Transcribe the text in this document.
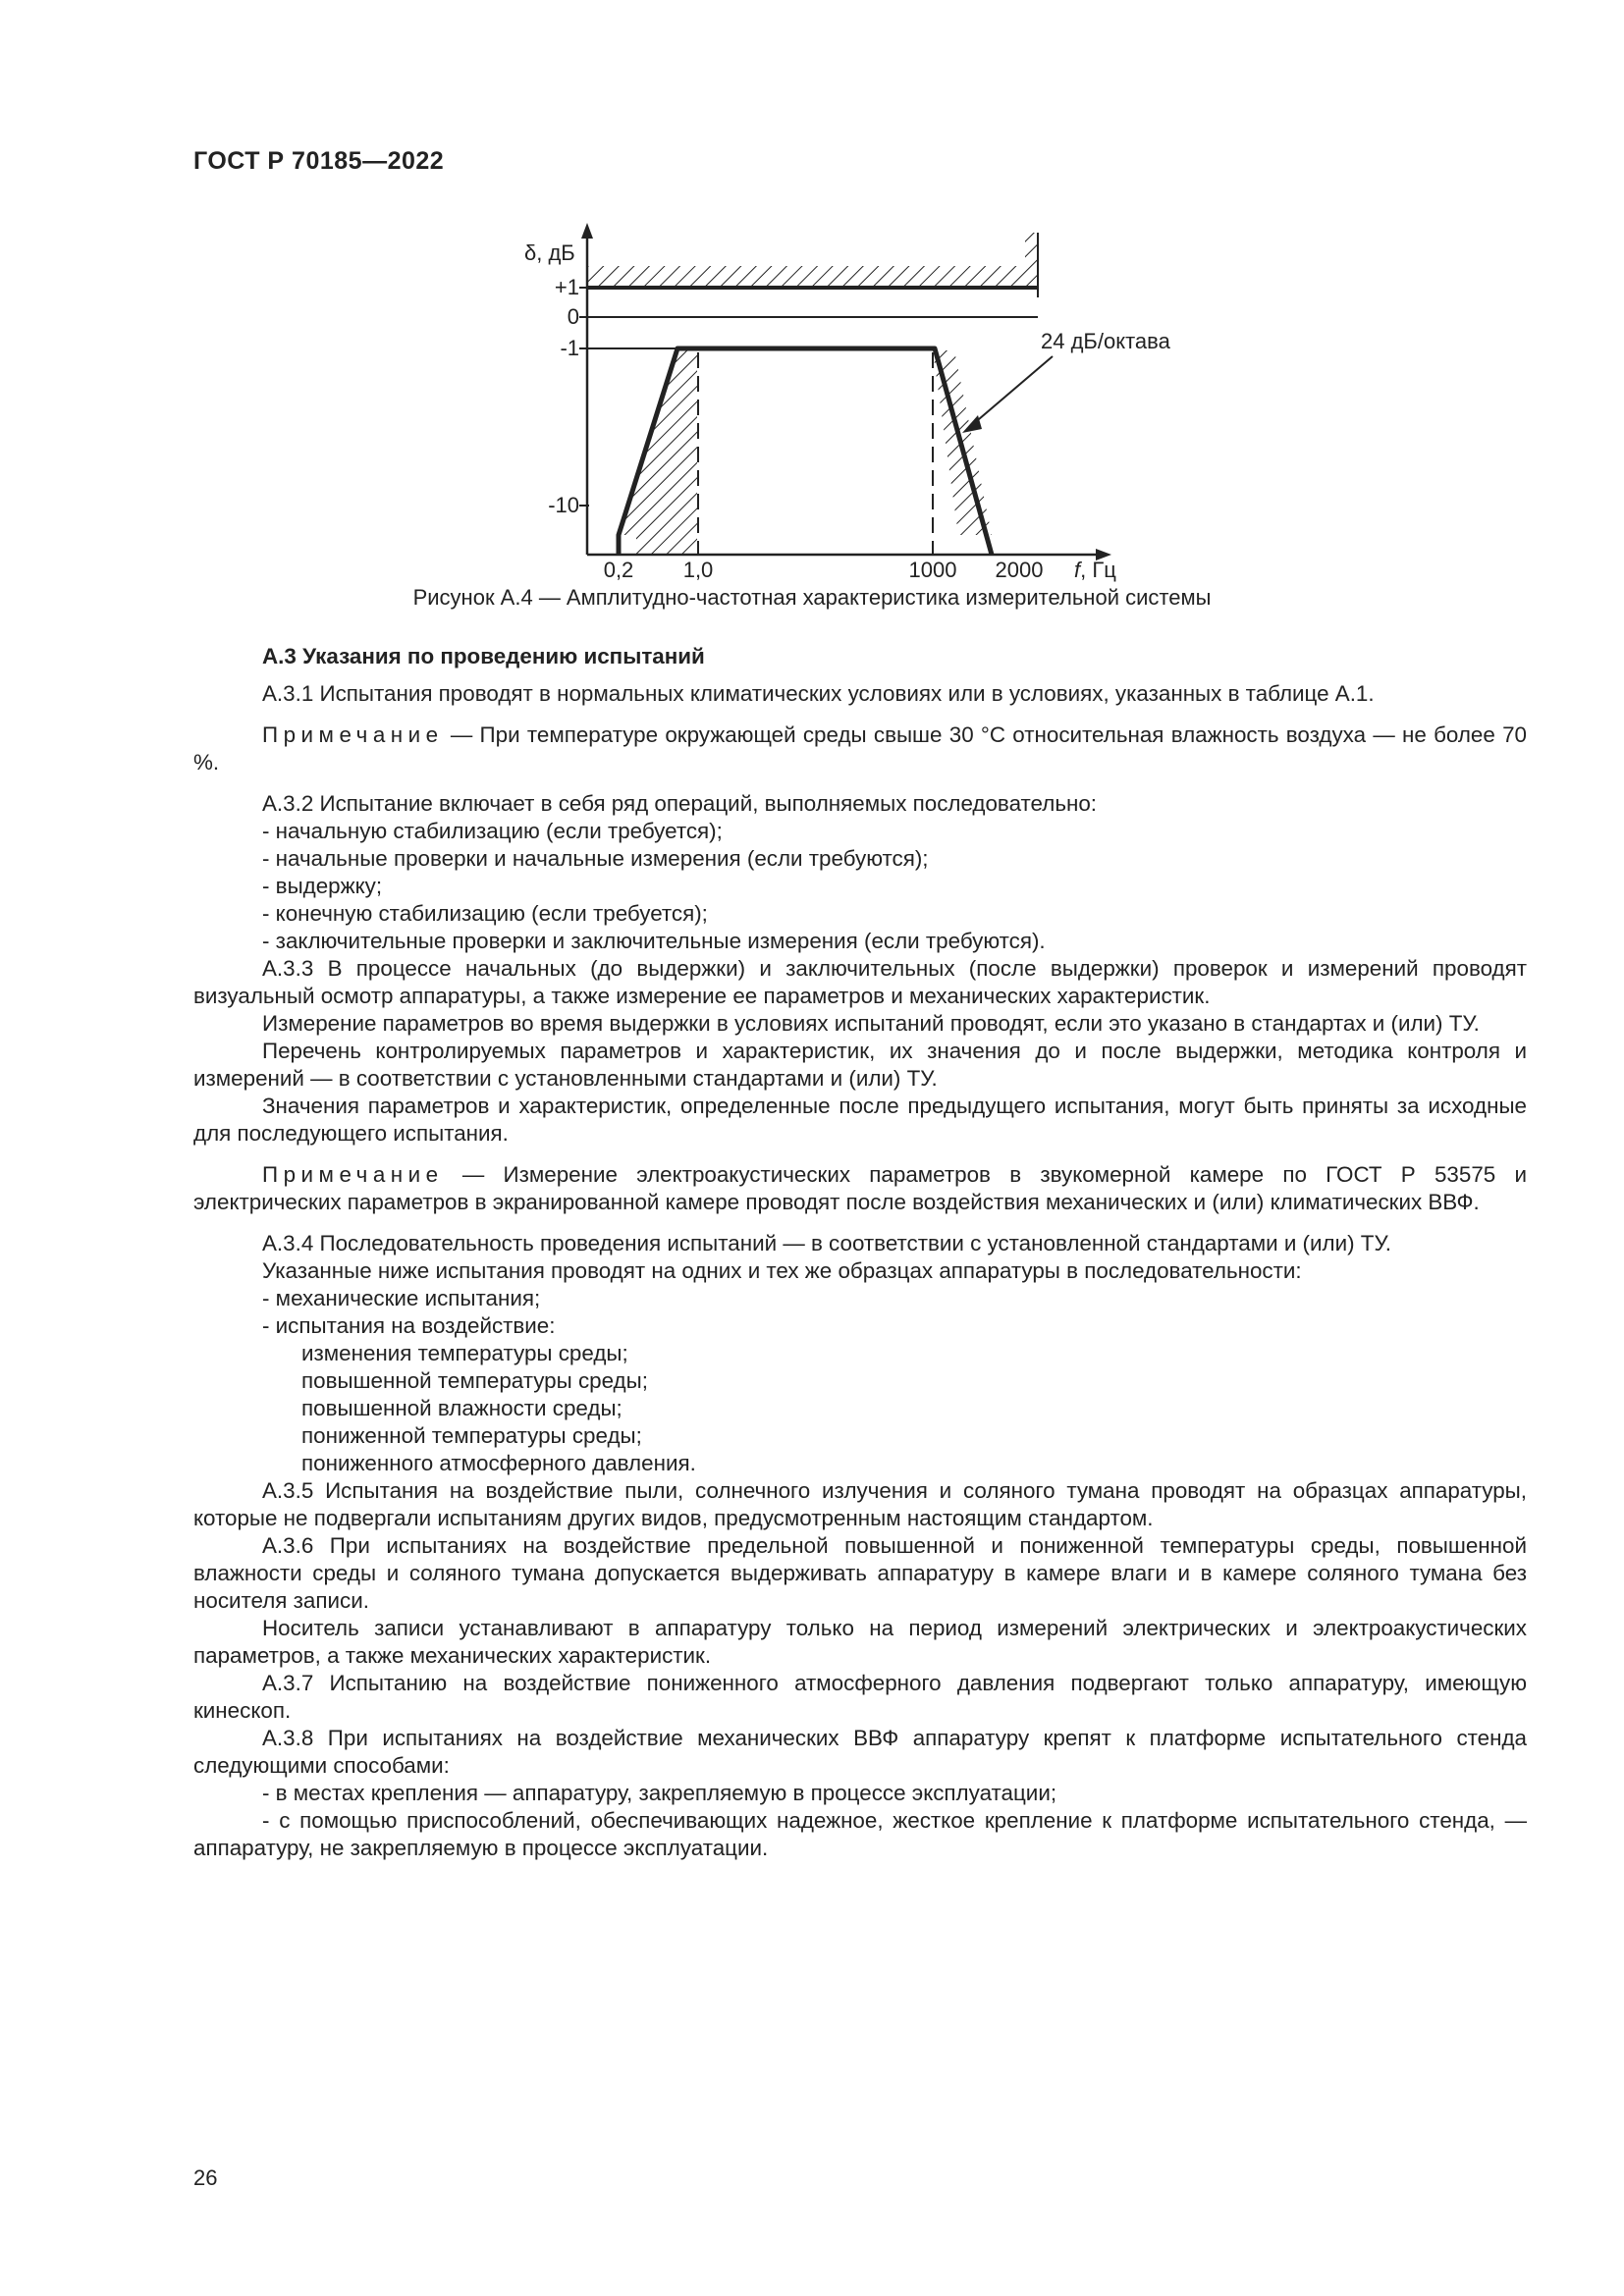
ГОСТ Р 70185—2022
+1
0
-1
-10
0,2 1,0	1000 2000 f, Гц
δ, дБ
24 дБ/октава
Рисунок А.4 — Амплитудно-частотная характеристика измерительной системы

А.3 Указания по проведению испытаний

А.3.1 Испытания проводят в нормальных климатических условиях или в условиях, указанных в таблице А.1.

Примечание — При температуре окружающей среды свыше 30 °С относительная влажность воздуха — не более 70 %.

А.3.2 Испытание включает в себя ряд операций, выполняемых последовательно:

- начальную стабилизацию (если требуется);

- начальные проверки и начальные измерения (если требуются);

- выдержку;

- конечную стабилизацию (если требуется);

- заключительные проверки и заключительные измерения (если требуются).

А.3.3 В процессе начальных (до выдержки) и заключительных (после выдержки) проверок и измерений проводят визуальный осмотр аппаратуры, а также измерение ее параметров и механических характеристик.

Измерение параметров во время выдержки в условиях испытаний проводят, если это указано в стандартах и (или) ТУ.

Перечень контролируемых параметров и характеристик, их значения до и после выдержки, методика контроля и измерений — в соответствии с установленными стандартами и (или) ТУ.

Значения параметров и характеристик, определенные после предыдущего испытания, могут быть приняты за исходные для последующего испытания.

Примечание — Измерение электроакустических параметров в звукомерной камере по ГОСТ Р 53575 и электрических параметров в экранированной камере проводят после воздействия механических и (или) климатических ВВФ.

А.3.4 Последовательность проведения испытаний — в соответствии с установленной стандартами и (или) ТУ.

Указанные ниже испытания проводят на одних и тех же образцах аппаратуры в последовательности:

- механические испытания;

- испытания на воздействие:

изменения температуры среды;

повышенной температуры среды;

повышенной влажности среды;

пониженной температуры среды;

пониженного атмосферного давления.

А.3.5 Испытания на воздействие пыли, солнечного излучения и соляного тумана проводят на образцах аппаратуры, которые не подвергали испытаниям других видов, предусмотренным настоящим стандартом.

А.3.6 При испытаниях на воздействие предельной повышенной и пониженной температуры среды, повышенной влажности среды и соляного тумана допускается выдерживать аппаратуру в камере влаги и в камере соляного тумана без носителя записи.

Носитель записи устанавливают в аппаратуру только на период измерений электрических и электроакустических параметров, а также механических характеристик.

А.3.7 Испытанию на воздействие пониженного атмосферного давления подвергают только аппаратуру, имеющую кинескоп.

А.3.8 При испытаниях на воздействие механических ВВФ аппаратуру крепят к платформе испытательного стенда следующими способами:

- в местах крепления — аппаратуру, закрепляемую в процессе эксплуатации;

- с помощью приспособлений, обеспечивающих надежное, жесткое крепление к платформе испытательного стенда, — аппаратуру, не закрепляемую в процессе эксплуатации.

26
